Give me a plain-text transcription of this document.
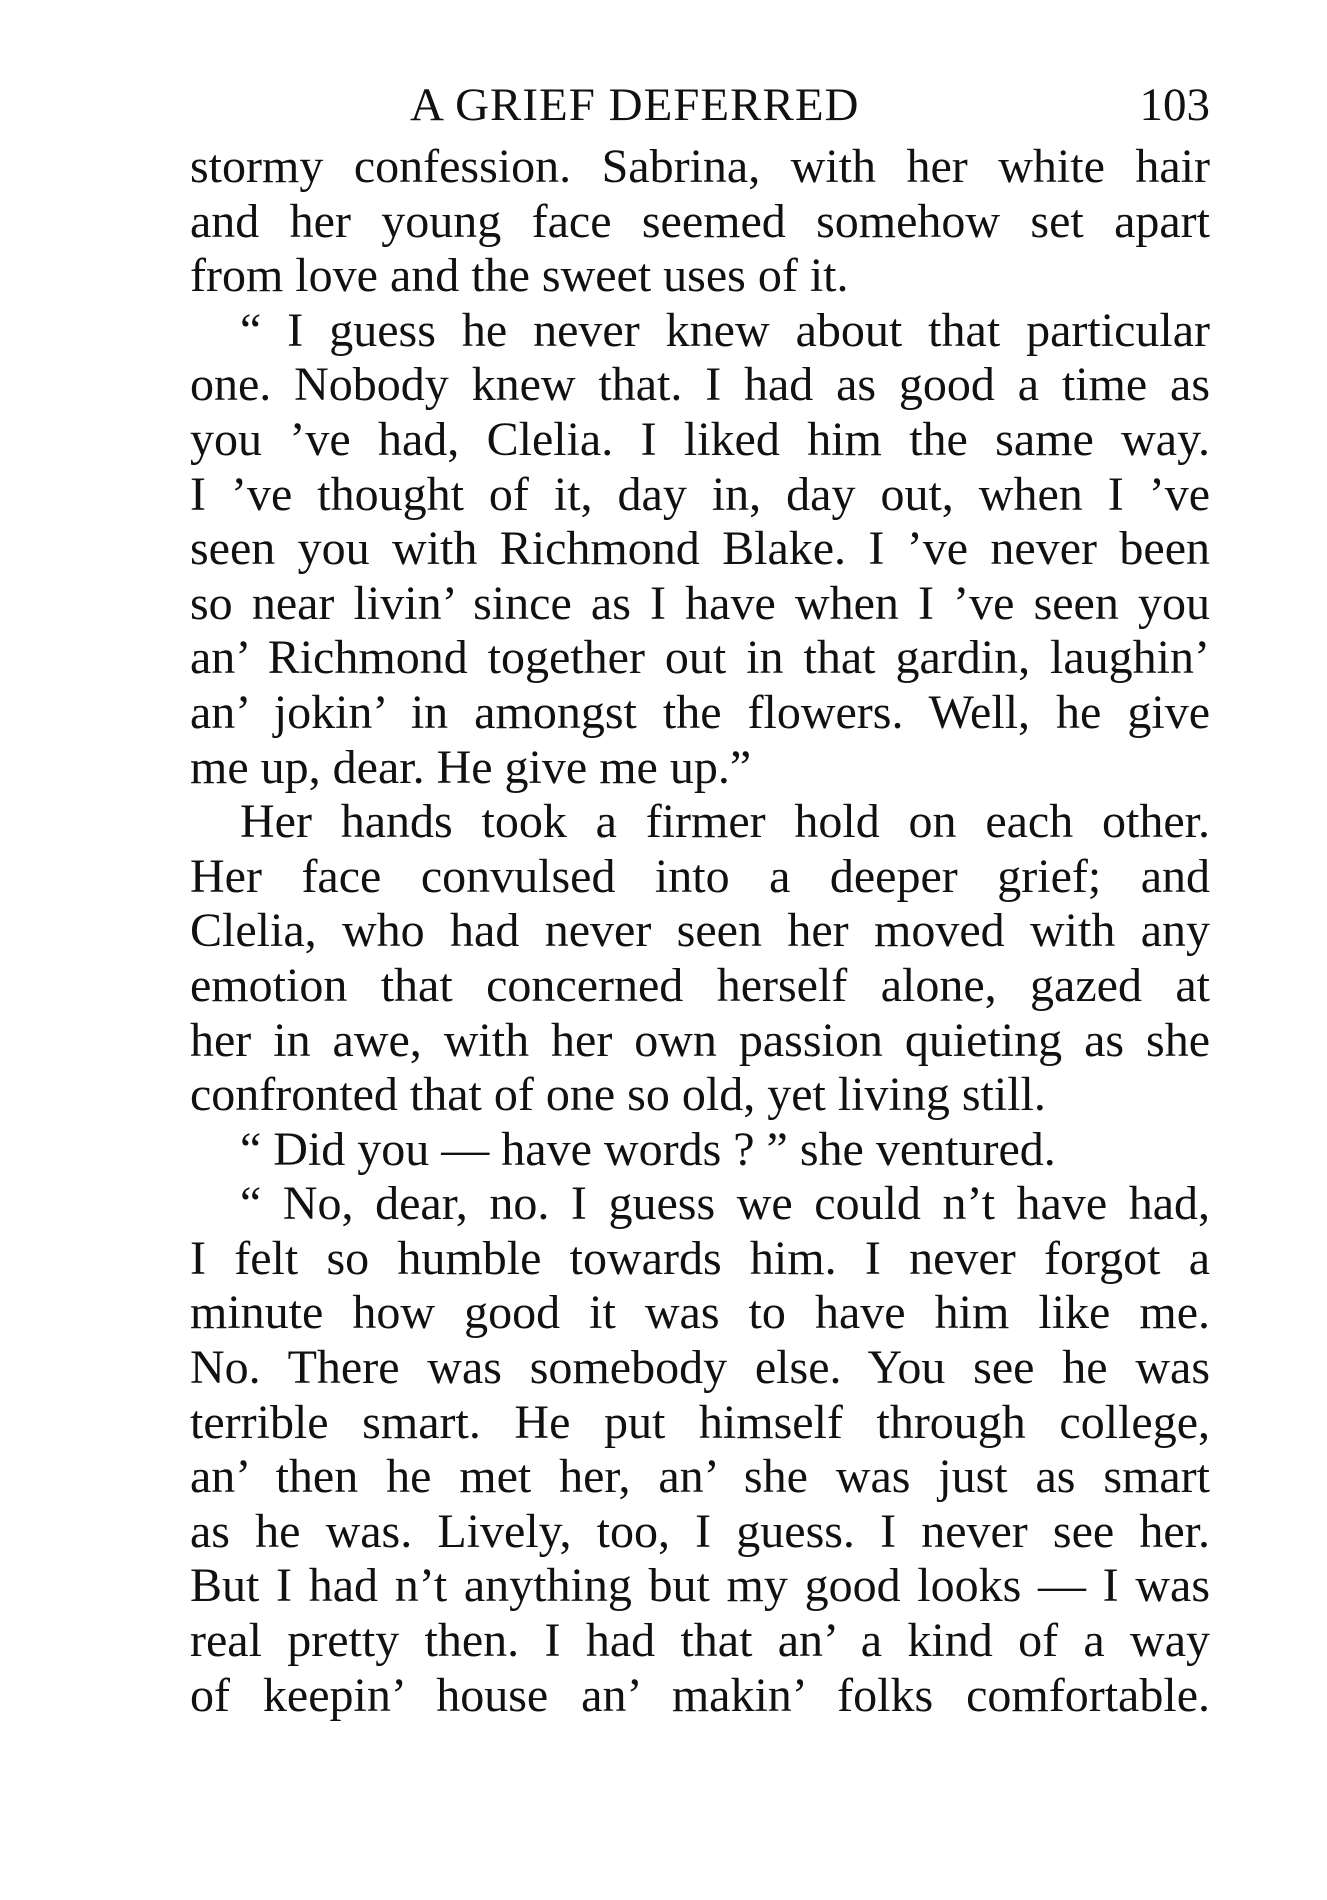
A GRIEF DEFERRED	103
stormy confession. Sabrina, with her white hair
and her young face seemed somehow set apart
from love and the sweet uses of it.
“ I guess he never knew about that particular
one. Nobody knew that. I had as good a time as
you ’ve had, Clelia. I liked him the same way.
I ’ve thought of it, day in, day out, when I ’ve
seen you with Richmond Blake. I ’ve never been
so near livin’ since as I have when I ’ve seen you
an’ Richmond together out in that gardin, laughin’
an’ jokin’ in amongst the flowers. Well, he give
me up, dear. He give me up.”
Her hands took a firmer hold on each other.
Her face convulsed into a deeper grief; and
Clelia, who had never seen her moved with any
emotion that concerned herself alone, gazed at
her in awe, with her own passion quieting as she
confronted that of one so old, yet living still.
“ Did you — have words ? ” she ventured.
“ No, dear, no. I guess we could n’t have had,
I felt so humble towards him. I never forgot a
minute how good it was to have him like me.
No. There was somebody else. You see he was
terrible smart. He put himself through college,
an’ then he met her, an’ she was just as smart
as he was. Lively, too, I guess. I never see her.
But I had n’t anything but my good looks — I was
real pretty then. I had that an’ a kind of a way
of keepin’ house an’ makin’ folks comfortable.
